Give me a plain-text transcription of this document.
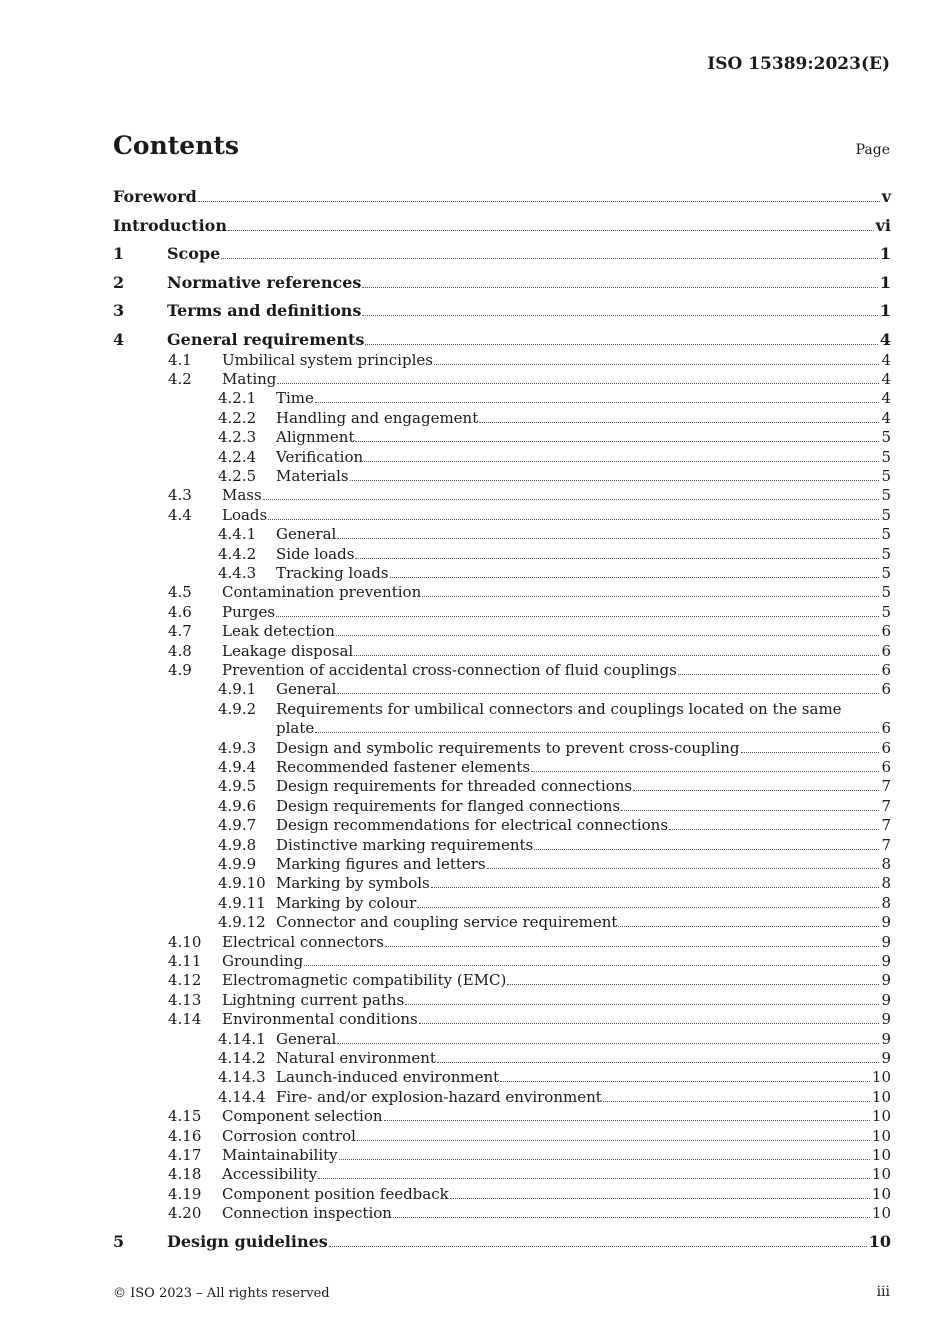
ISO 15389:2023(E)
Contents	Page
Foreword	v
Introduction	vi
1	Scope	1
2	Normative references	1
3	Terms and definitions	1
4	General requirements	4
4.1 Umbilical system principles	4
4.2 Mating	4
4.2.1 Time	4
4.2.2 Handling and engagement	4
4.2.3 Alignment	5
4.2.4 Verification	5
4.2.5 Materials	5
4.3 Mass	5
4.4 Loads	5
4.4.1 General	5
4.4.2 Side loads	5
4.4.3 Tracking loads	5
4.5 Contamination prevention	5
4.6 Purges	5
4.7 Leak detection	6
4.8 Leakage disposal	6
4.9 Prevention of accidental cross-connection of fluid couplings	6
4.9.1 General	6
4.9.2 Requirements for umbilical connectors and couplings located on the same
plate	6
4.9.3 Design and symbolic requirements to prevent cross-coupling	6
4.9.4 Recommended fastener elements	6
4.9.5 Design requirements for threaded connections	7
4.9.6 Design requirements for flanged connections	7
4.9.7 Design recommendations for electrical connections	7
4.9.8 Distinctive marking requirements	7
4.9.9 Marking figures and letters	8
4.9.10 Marking by symbols	8
4.9.11 Marking by colour	8
4.9.12 Connector and coupling service requirement	9
4.10 Electrical connectors	9
4.11 Grounding	9
4.12 Electromagnetic compatibility (EMC)	9
4.13 Lightning current paths	9
4.14 Environmental conditions	9
4.14.1 General	9
4.14.2 Natural environment	9
4.14.3 Launch-induced environment	10
4.14.4 Fire- and/or explosion-hazard environment	10
4.15 Component selection	10
4.16 Corrosion control	10
4.17 Maintainability	10
4.18 Accessibility	10
4.19 Component position feedback	10
4.20 Connection inspection	10
5	Design guidelines	10
© ISO 2023 – All rights reserved	iii
